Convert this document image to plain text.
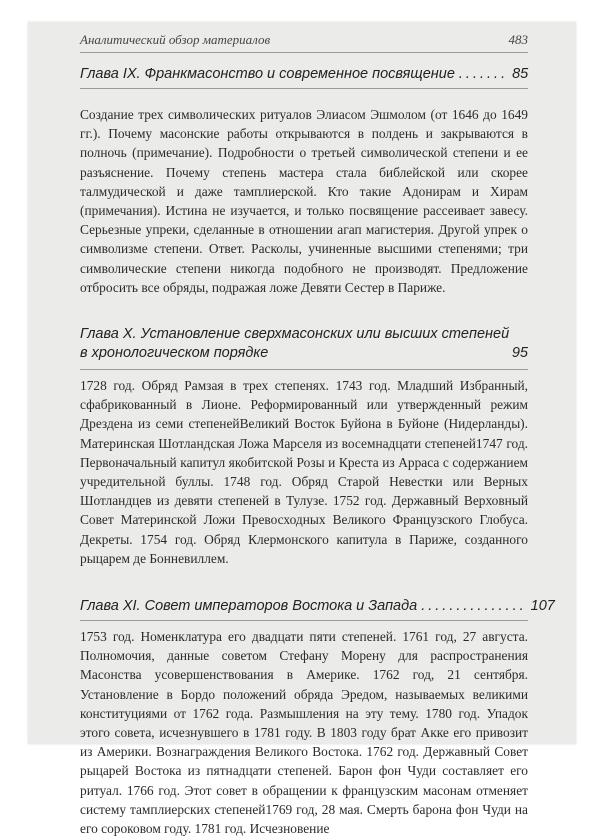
Аналитический обзор материалов	483
Глава IX. Франкмасонство и современное посвящение ....... 85

Создание трех символических ритуалов Элиасом Эшмолом (от 1646 до 1649 гг.). Почему масонские работы открываются в полдень и закрываются в полночь (примечание). Подробности о третьей символической степени и ее разъяснение. Почему степень мастера стала библейской или скорее талмудической и даже тамплиерской. Кто такие Адонирам и Хирам (примечания). Истина не изучается, и только посвящение рассеивает завесу. Серьезные упреки, сделанные в отношении агап магистерия. Другой упрек о символизме степени. Ответ. Расколы, учиненные высшими степенями; три символические степени никогда подобного не производят. Предложение отбросить все обряды, подражая ложе Девяти Сестер в Париже.

Глава X. Установление сверхмасонских или высших степеней
в хронологическом порядке	95

1728 год. Обряд Рамзая в трех степенях. 1743 год. Младший Избранный, сфабрикованный в Лионе. Реформированный или утвержденный режим Дрездена из семи степенейВеликий Восток Буйона в Буйоне (Нидерланды). Материнская Шотландская Ложа Марселя из восемнадцати степеней1747 год. Первоначальный капитул якобитской Розы и Креста из Арраса с содержанием учредительной буллы. 1748 год. Обряд Старой Невестки или Верных Шотландцев из девяти степеней в Тулузе. 1752 год. Державный Верховный Совет Материнской Ложи Превосходных Великого Французского Глобуса. Декреты. 1754 год. Обряд Клермонского капитула в Париже, созданного рыцарем де Бонневиллем.

Глава XI. Совет императоров Востока и Запада ............... 107

1753 год. Номенклатура его двадцати пяти степеней. 1761 год, 27 августа. Полномочия, данные советом Стефану Морену для распространения Масонства усовершенствования в Америке. 1762 год, 21 сентября. Установление в Бордо положений обряда Эредом, называемых великими конституциями от 1762 года. Размышления на эту тему. 1780 год. Упадок этого совета, исчезнувшего в 1781 году. В 1803 году брат Акке его привозит из Америки. Вознаграждения Великого Востока. 1762 год. Державный Совет рыцарей Востока из пятнадцати степеней. Барон фон Чуди составляет его ритуал. 1766 год. Этот совет в обращении к французским масонам отменяет систему тамплиерских степеней1769 год, 28 мая. Смерть барона фон Чуди на его сороковом году. 1781 год. Исчезновение
